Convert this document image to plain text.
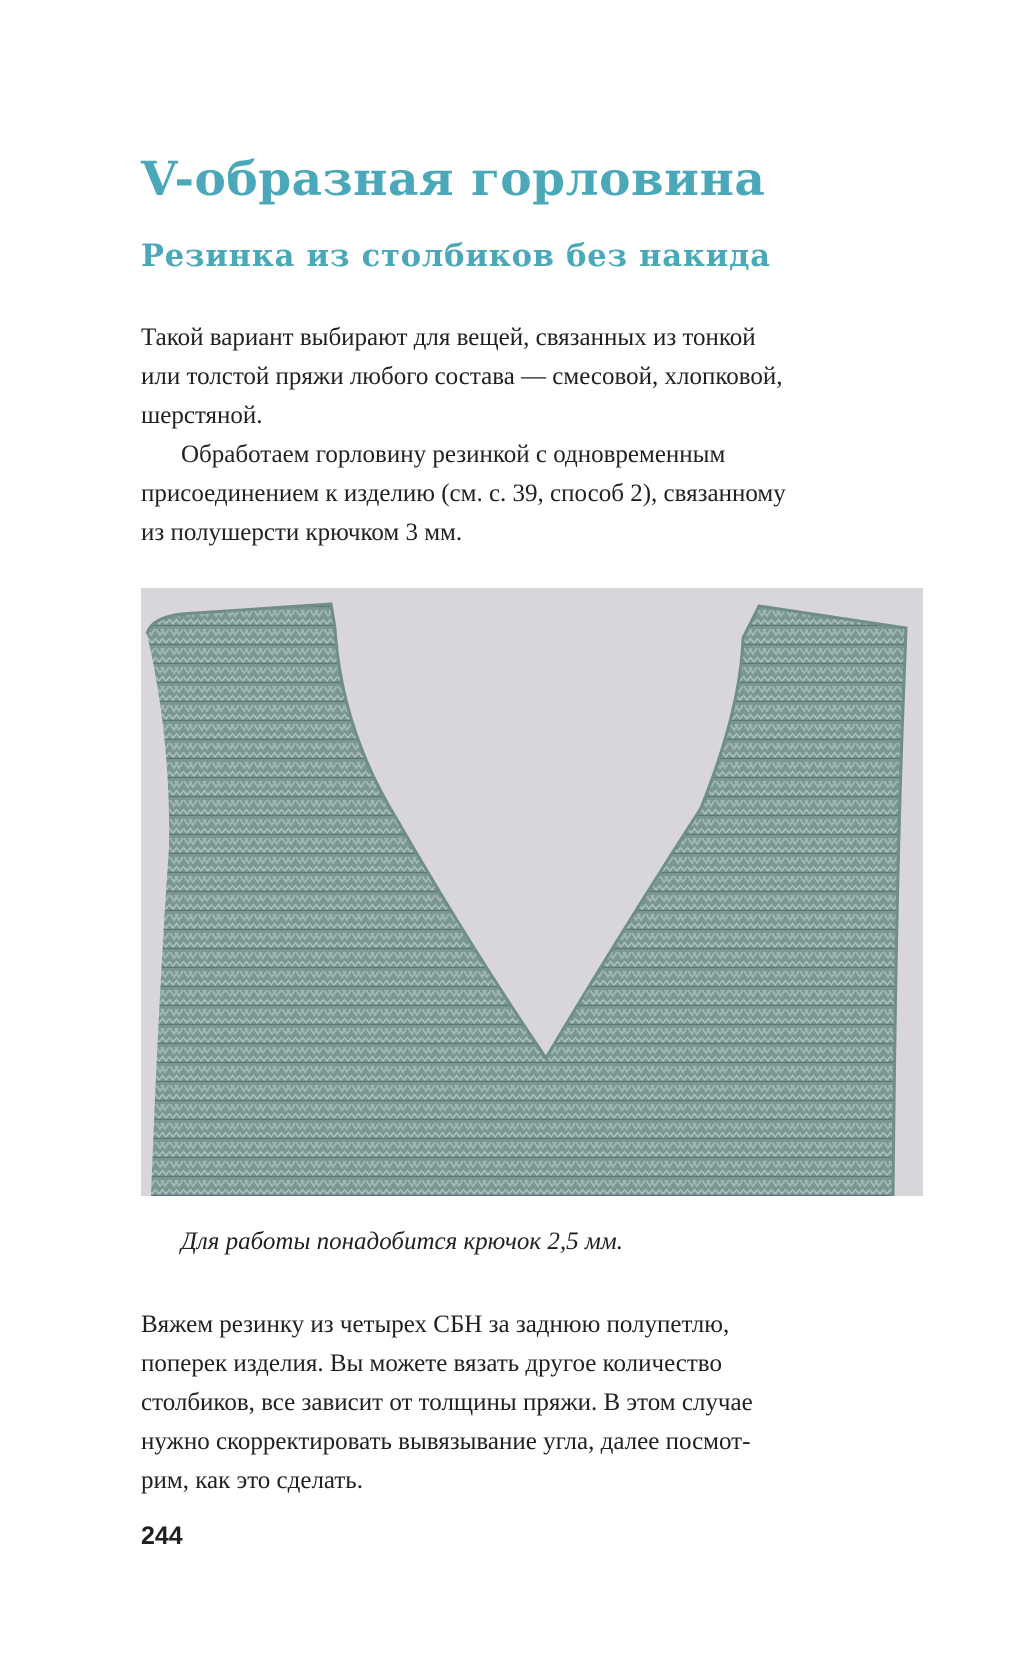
V-образная горловина
Резинка из столбиков без накида

Такой вариант выбирают для вещей, связанных из тонкой
или толстой пряжи любого состава — смесовой, хлопковой,
шерстяной.

Обработаем горловину резинкой с одновременным
присоединением к изделию (см. с. 39, способ 2), связанному
из полушерсти крючком 3 мм.

Для работы понадобится крючок 2,5 мм.

Вяжем резинку из четырех СБН за заднюю полупетлю,
поперек изделия. Вы можете вязать другое количество
столбиков, все зависит от толщины пряжи. В этом случае
нужно скорректировать вывязывание угла, далее посмот-
рим, как это сделать.

244
